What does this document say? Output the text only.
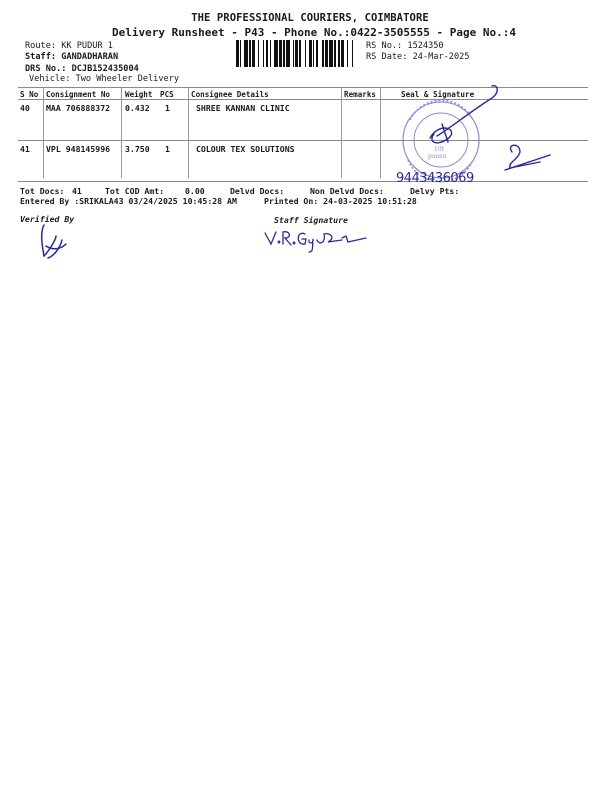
THE PROFESSIONAL COURIERS, COIMBATORE
Delivery Runsheet - P43 - Phone No.:0422-3505555 - Page No.:4
Route: KK PUDUR 1
Staff: GANDADHARAN
DRS No.: DCJB152435004
Vehicle: Two Wheeler Delivery
RS No.: 1524350
RS Date: 24-Mar-2025
S No Consignment No Weight PCS Consignee Details	Remarks	Seal & Signature
40 MAA 706888372 0.432 1	SHREE KANNAN CLINIC
41 VPL 948145996 3.750 1	COLOUR TEX SOLUTIONS
pansu
10t
9443436069
Tot Docs: 41	Tot COD Amt:	0.00	Delvd Docs:	Non Delvd Docs:	Delvy Pts:
Entered By :SRIKALA43 03/24/2025 10:45:28 AM	Printed On: 24-03-2025 10:51:28
Verified By	Staff Signature
